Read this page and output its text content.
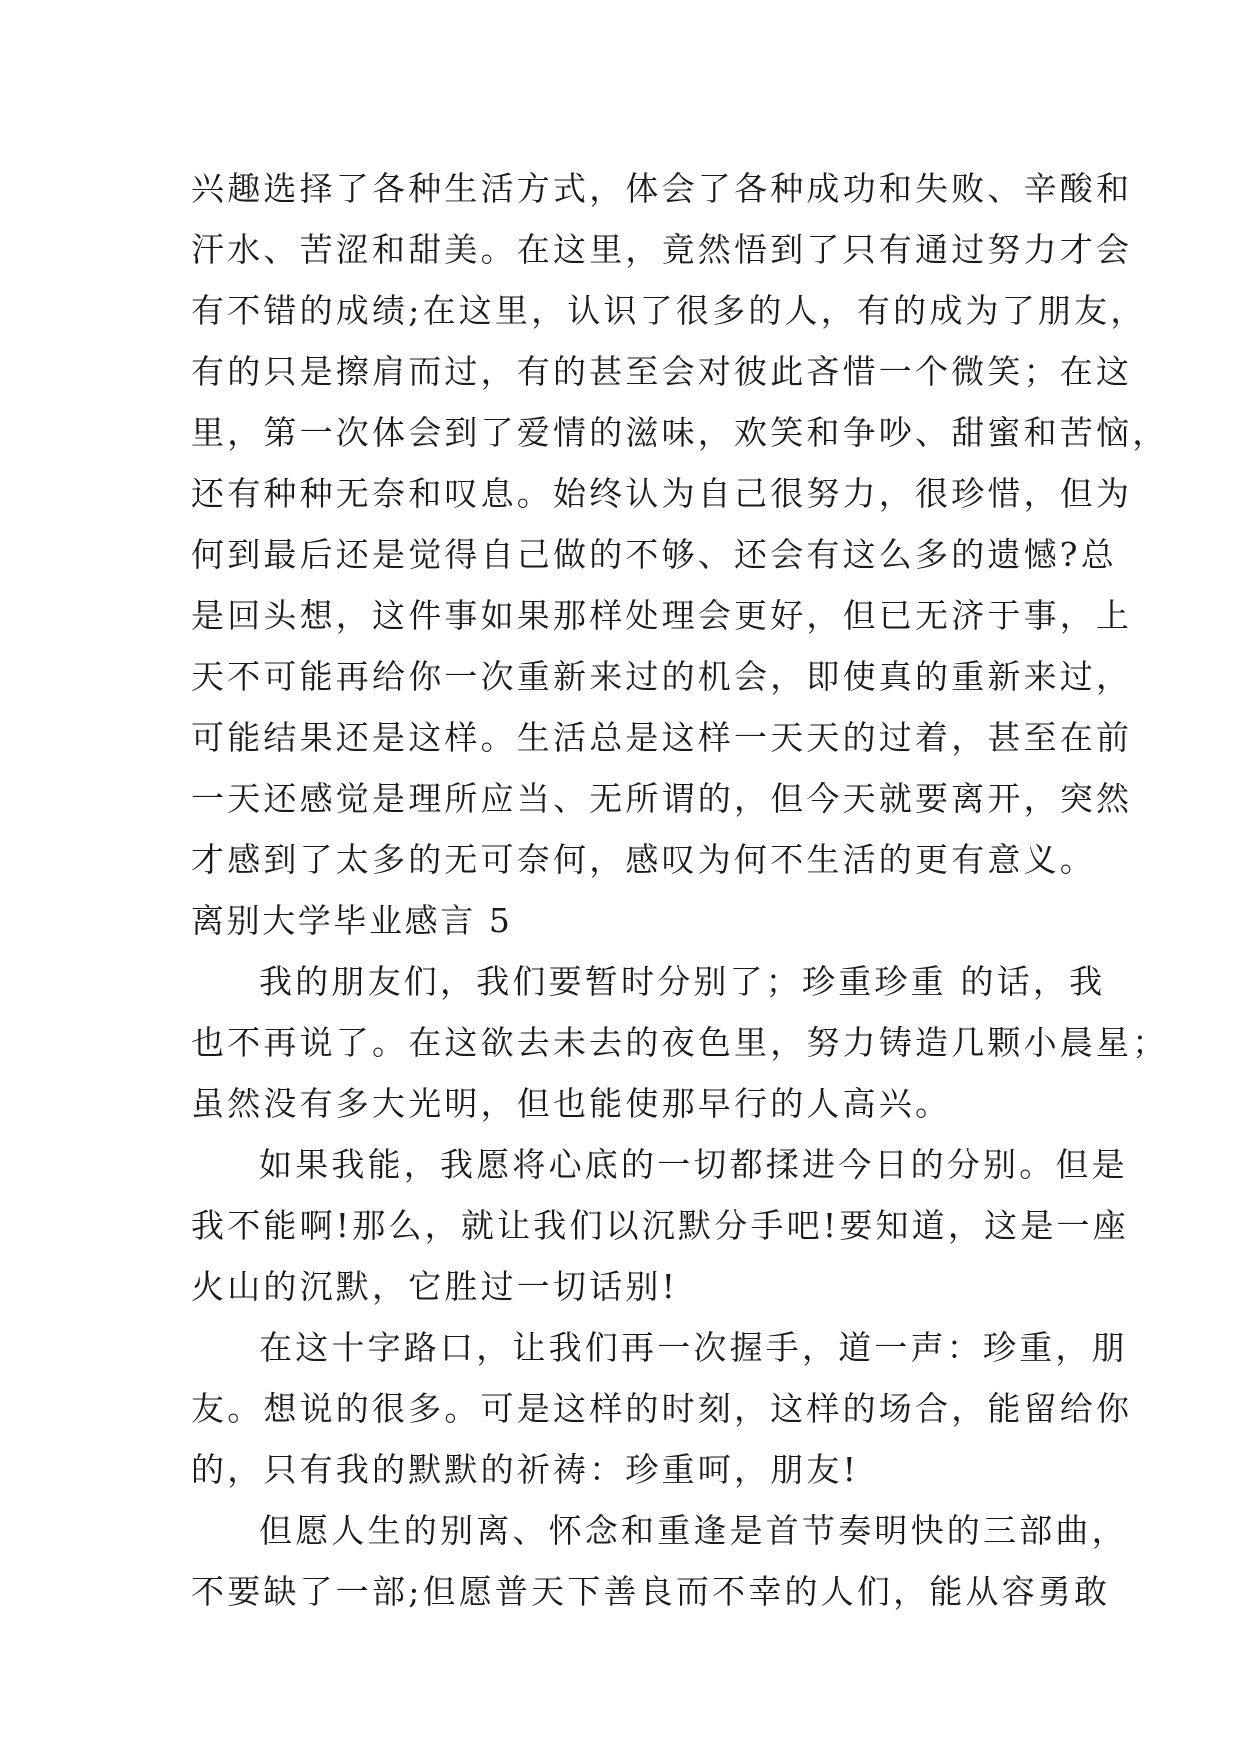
兴趣选择了各种生活方式，体会了各种成功和失败、辛酸和
汗水、苦涩和甜美。在这里，竟然悟到了只有通过努力才会
有不错的成绩;在这里，认识了很多的人，有的成为了朋友，
有的只是擦肩而过，有的甚至会对彼此吝惜一个微笑；在这
里，第一次体会到了爱情的滋味，欢笑和争吵、甜蜜和苦恼，
还有种种无奈和叹息。始终认为自己很努力，很珍惜，但为
何到最后还是觉得自己做的不够、还会有这么多的遗憾?总
是回头想，这件事如果那样处理会更好，但已无济于事，上
天不可能再给你一次重新来过的机会，即使真的重新来过，
可能结果还是这样。生活总是这样一天天的过着，甚至在前
一天还感觉是理所应当、无所谓的，但今天就要离开，突然
才感到了太多的无可奈何，感叹为何不生活的更有意义。
离别大学毕业感言 5
我的朋友们，我们要暂时分别了；珍重珍重 的话，我
也不再说了。在这欲去未去的夜色里，努力铸造几颗小晨星；
虽然没有多大光明，但也能使那早行的人高兴。
如果我能，我愿将心底的一切都揉进今日的分别。但是
我不能啊!那么，就让我们以沉默分手吧!要知道，这是一座
火山的沉默，它胜过一切话别!
在这十字路口，让我们再一次握手，道一声：珍重，朋
友。想说的很多。可是这样的时刻，这样的场合，能留给你
的，只有我的默默的祈祷：珍重呵，朋友!
但愿人生的别离、怀念和重逢是首节奏明快的三部曲，
不要缺了一部;但愿普天下善良而不幸的人们，能从容勇敢
